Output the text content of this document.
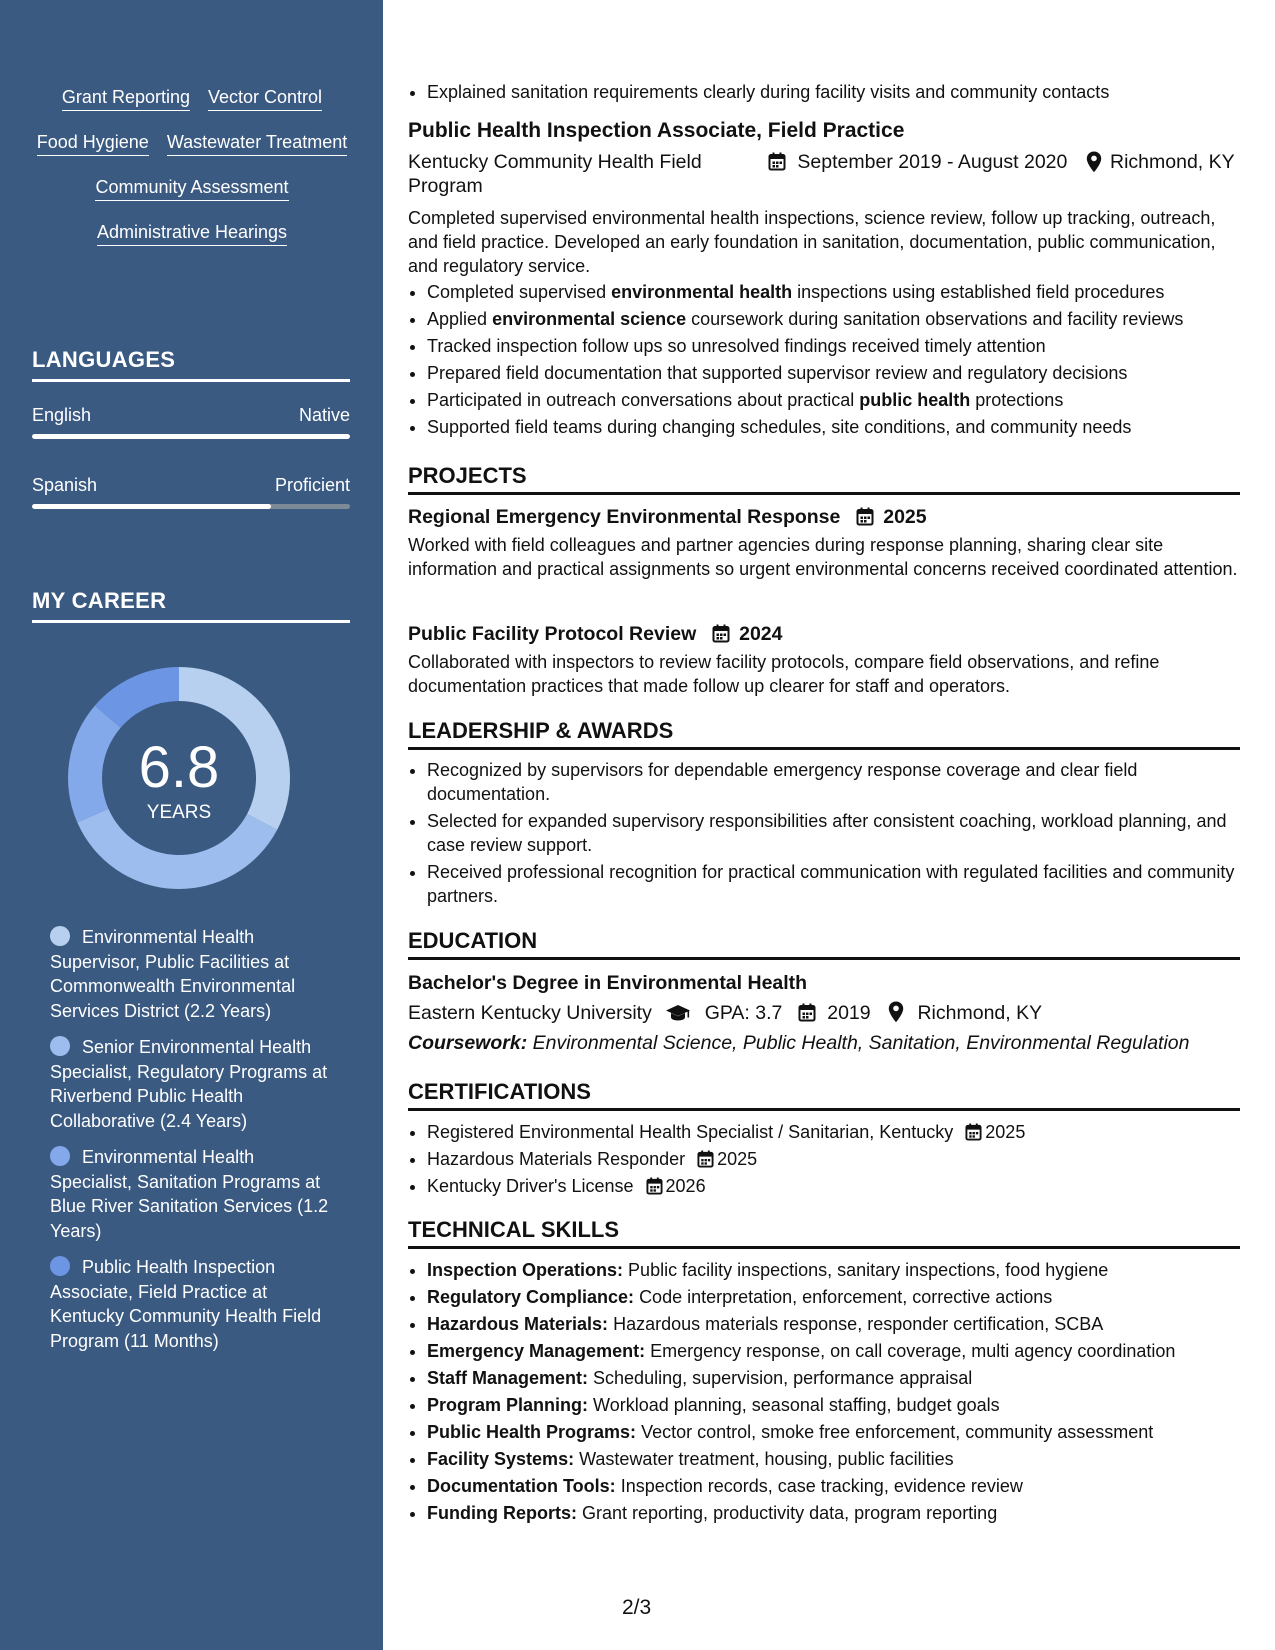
Grant Reporting Vector Control
Food Hygiene Wastewater Treatment
Community Assessment
Administrative Hearings
LANGUAGES
English	Native
Spanish	Proficient
MY CAREER
6.8
YEARS
Environmental Health Supervisor, Public Facilities at Commonwealth Environmental Services District (2.2 Years)
Senior Environmental Health Specialist, Regulatory Programs at Riverbend Public Health Collaborative (2.4 Years)
Environmental Health Specialist, Sanitation Programs at Blue River Sanitation Services (1.2 Years)
Public Health Inspection Associate, Field Practice at Kentucky Community Health Field Program (11 Months)
• Explained sanitation requirements clearly during facility visits and community contacts
Public Health Inspection Associate, Field Practice
Kentucky Community Health Field Program
September 2019 - August 2020	Richmond, KY
Completed supervised environmental health inspections, science review, follow up tracking, outreach, and field practice. Developed an early foundation in sanitation, documentation, public communication, and regulatory service.
• Completed supervised environmental health inspections using established field procedures
• Applied environmental science coursework during sanitation observations and facility reviews
• Tracked inspection follow ups so unresolved findings received timely attention
• Prepared field documentation that supported supervisor review and regulatory decisions
• Participated in outreach conversations about practical public health protections
• Supported field teams during changing schedules, site conditions, and community needs
PROJECTS
Regional Emergency Environmental Response 2025
Worked with field colleagues and partner agencies during response planning, sharing clear site information and practical assignments so urgent environmental concerns received coordinated attention.
Public Facility Protocol Review 2024
Collaborated with inspectors to review facility protocols, compare field observations, and refine documentation practices that made follow up clearer for staff and operators.
LEADERSHIP & AWARDS
• Recognized by supervisors for dependable emergency response coverage and clear field documentation.
• Selected for expanded supervisory responsibilities after consistent coaching, workload planning, and case review support.
• Received professional recognition for practical communication with regulated facilities and community partners.
EDUCATION
Bachelor's Degree in Environmental Health
Eastern Kentucky University	GPA: 3.7 2019 Richmond, KY
Coursework: Environmental Science, Public Health, Sanitation, Environmental Regulation
CERTIFICATIONS
• Registered Environmental Health Specialist / Sanitarian, Kentucky 2025
• Hazardous Materials Responder 2025
• Kentucky Driver's License 2026
TECHNICAL SKILLS
• Inspection Operations: Public facility inspections, sanitary inspections, food hygiene
• Regulatory Compliance: Code interpretation, enforcement, corrective actions
• Hazardous Materials: Hazardous materials response, responder certification, SCBA
• Emergency Management: Emergency response, on call coverage, multi agency coordination
• Staff Management: Scheduling, supervision, performance appraisal
• Program Planning: Workload planning, seasonal staffing, budget goals
• Public Health Programs: Vector control, smoke free enforcement, community assessment
• Facility Systems: Wastewater treatment, housing, public facilities
• Documentation Tools: Inspection records, case tracking, evidence review
• Funding Reports: Grant reporting, productivity data, program reporting
2/3
